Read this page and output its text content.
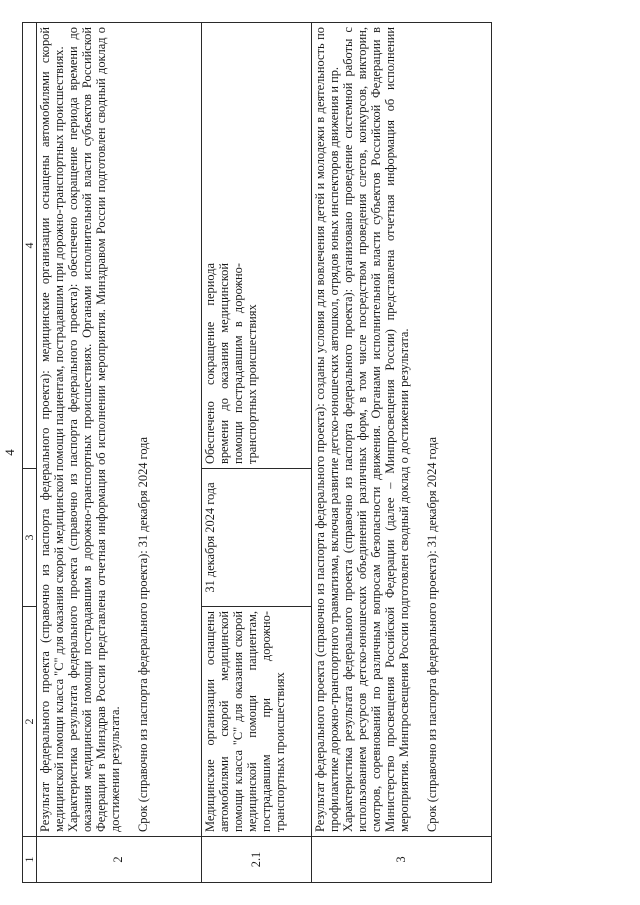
4
1	2	3	4
2	Результат федерального проекта (справочно из паспорта федерального проекта): медицинские организации оснащены автомобилями скорой медицинской помощи класса "С" для оказания скорой медицинской помощи пациентам, пострадавшим при дорожно-транспортных происшествиях. Характеристика результата федерального проекта (справочно из паспорта федерального проекта): обеспечено сокращение периода времени до оказания медицинской помощи пострадавшим в дорожно-транспортных происшествиях. Органами исполнительной власти субъектов Российской Федерации в Минздрав России представлена отчетная информация об исполнении мероприятия. Минздравом России подготовлен сводный доклад о достижении результата. Срок (справочно из паспорта федерального проекта): 31 декабря 2024 года		

2.1	Медицинские организации оснащены автомобилями скорой медицинской помощи класса "С" для оказания скорой медицинской помощи пациентам, пострадавшим при дорожно-транспортных происшествиях	31 декабря 2024 года	Обеспечено сокращение периода времени до оказания медицинской помощи пострадавшим в дорожно-транспортных происшествиях

3	Результат федерального проекта (справочно из паспорта федерального проекта): созданы условия для вовлечения детей и молодежи в деятельность по профилактике дорожно-транспортного травматизма, включая развитие детско-юношеских автошкол, отрядов юных инспекторов движения и пр. Характеристика результата федерального проекта (справочно из паспорта федерального проекта): организовано проведение системной работы с использованием ресурсов детско-юношеских объединений различных форм, в том числе посредством проведения слетов, конкурсов, викторин, смотров, соревнований по различным вопросам безопасности движения. Органами исполнительной власти субъектов Российской Федерации в Министерство просвещения Российской Федерации (далее – Минпросвещения России) представлена отчетная информация об исполнении мероприятия. Минпросвещения России подготовлен сводный доклад о достижении результата. Срок (справочно из паспорта федерального проекта): 31 декабря 2024 года		
